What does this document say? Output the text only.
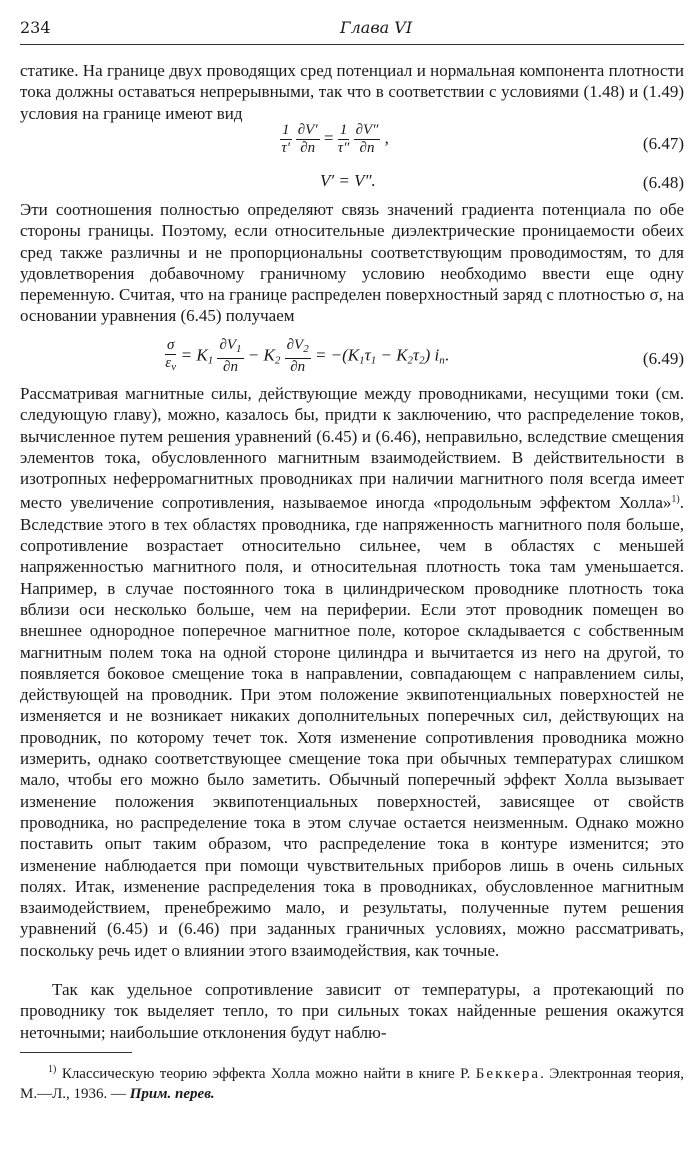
234	Глава VI

статике. На границе двух проводящих сред потенциал и нормальная компонента плотности тока должны оставаться непрерывными, так что в соответствии с условиями (1.48) и (1.49) условия на границе имеют вид

$\frac{1}{\tau'}$
$\frac{\partial V'}{\partial n} = \frac{1}{\tau''}$
$\frac{\partial V''}{\partial n}$ ,	(6.47)
V′ = V″.	(6.48)

Эти соотношения полностью определяют связь значений градиента потенциала по обе стороны границы. Поэтому, если относительные диэлектрические проницаемости обеих сред также различны и не пропорциональны соответствующим проводимостям, то для удовлетворения добавочному граничному условию необходимо ввести еще одну переменную. Считая, что на границе распределен поверхностный заряд с плотностью σ, на основании уравнения (6.45) получаем

$\frac{\sigma}{\varepsilon_v} = K_1 \frac{\partial V_1}{\partial n} - K_2 \frac{\partial V_2}{\partial n} = -(K_1\tau_1 - K_2\tau_2)$ $i_n$.	(6.49)

Рассматривая магнитные силы, действующие между проводниками, несущими токи (см. следующую главу), можно, казалось бы, придти к заключению, что распределение токов, вычисленное путем решения уравнений (6.45) и (6.46), неправильно, вследствие смещения элементов тока, обусловленного магнитным взаимодействием. В действительности в изотропных неферромагнитных проводниках при наличии магнитного поля всегда имеет место увеличение сопротивления, называемое иногда «продольным эффектом Холла»$^{1)}$. Вследствие этого в тех областях проводника, где напряженность магнитного поля больше, сопротивление возрастает относительно сильнее, чем в областях с меньшей напряженностью магнитного поля, и относительная плотность тока там уменьшается. Например, в случае постоянного тока в цилиндрическом проводнике плотность тока вблизи оси несколько больше, чем на периферии. Если этот проводник помещен во внешнее однородное поперечное магнитное поле, которое складывается с собственным магнитным полем тока на одной стороне цилиндра и вычитается из него на другой, то появляется боковое смещение тока в направлении, совпадающем с направлением силы, действующей на проводник. При этом положение эквипотенциальных поверхностей не изменяется и не возникает никаких дополнительных поперечных сил, действующих на проводник, по которому течет ток. Хотя изменение сопротивления проводника можно измерить, однако соответствующее смещение тока при обычных температурах слишком мало, чтобы его можно было заметить. Обычный поперечный эффект Холла вызывает изменение положения эквипотенциальных поверхностей, зависящее от свойств проводника, но распределение тока в этом случае остается неизменным. Однако можно поставить опыт таким образом, что распределение тока в контуре изменится; это изменение наблюдается при помощи чувствительных приборов лишь в очень сильных полях. Итак, изменение распределения тока в проводниках, обусловленное магнитным взаимодействием, пренебрежимо мало, и результаты, полученные путем решения уравнений (6.45) и (6.46) при заданных граничных условиях, можно рассматривать, поскольку речь идет о влиянии этого взаимодействия, как точные.

Так как удельное сопротивление зависит от температуры, а протекающий по проводнику ток выделяет тепло, то при сильных токах найденные решения окажутся неточными; наибольшие отклонения будут наблю-

$^{1)}$ Классическую теорию эффекта Холла можно найти в книге Р. Беккера. Электронная теория, М.—Л., 1936. — Прим. перев.
